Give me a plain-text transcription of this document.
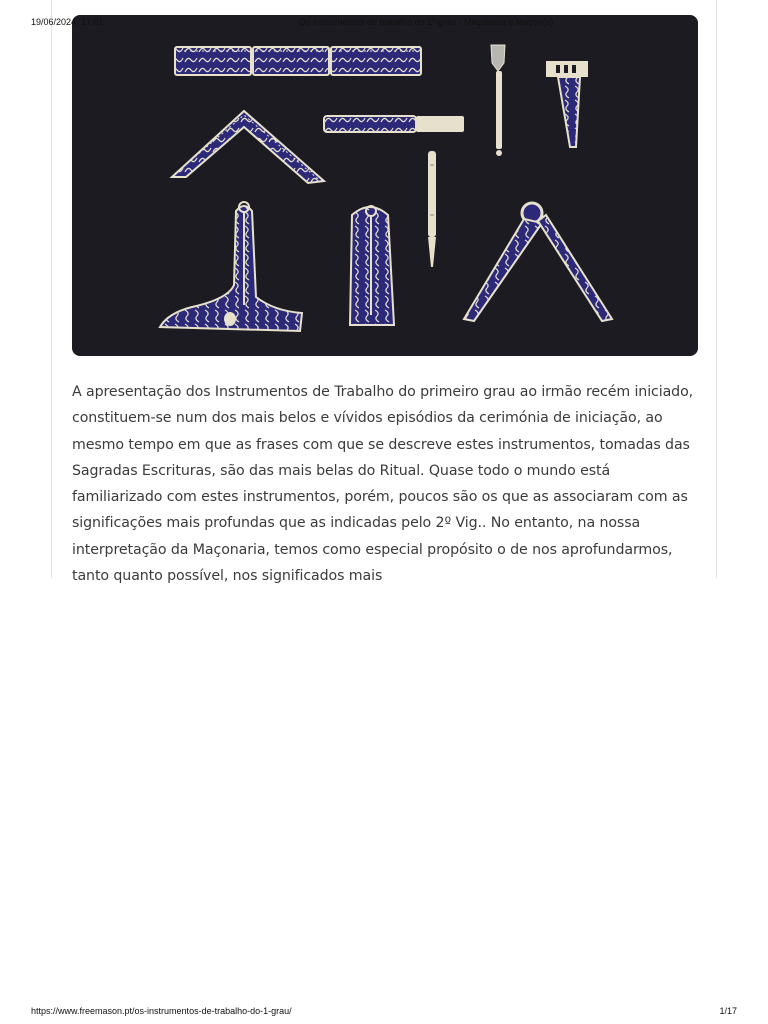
19/06/2024, 17:01	Os instrumentos de trabalho do 1º grau - Maçonaria e Maçon(s)

A apresentação dos Instrumentos de Trabalho do primeiro grau ao irmão recém iniciado, constituem-se num dos mais belos e vívidos episódios da cerimónia de iniciação, ao mesmo tempo em que as frases com que se descreve estes instrumentos, tomadas das Sagradas Escrituras, são das mais belas do Ritual. Quase todo o mundo está familiarizado com estes instrumentos, porém, poucos são os que as associaram com as significações mais profundas que as indicadas pelo 2º Vig.. No entanto, na nossa interpretação da Maçonaria, temos como especial propósito o de nos aprofundarmos, tanto quanto possível, nos significados mais

https://www.freemason.pt/os-instrumentos-de-trabalho-do-1-grau/	1/17
